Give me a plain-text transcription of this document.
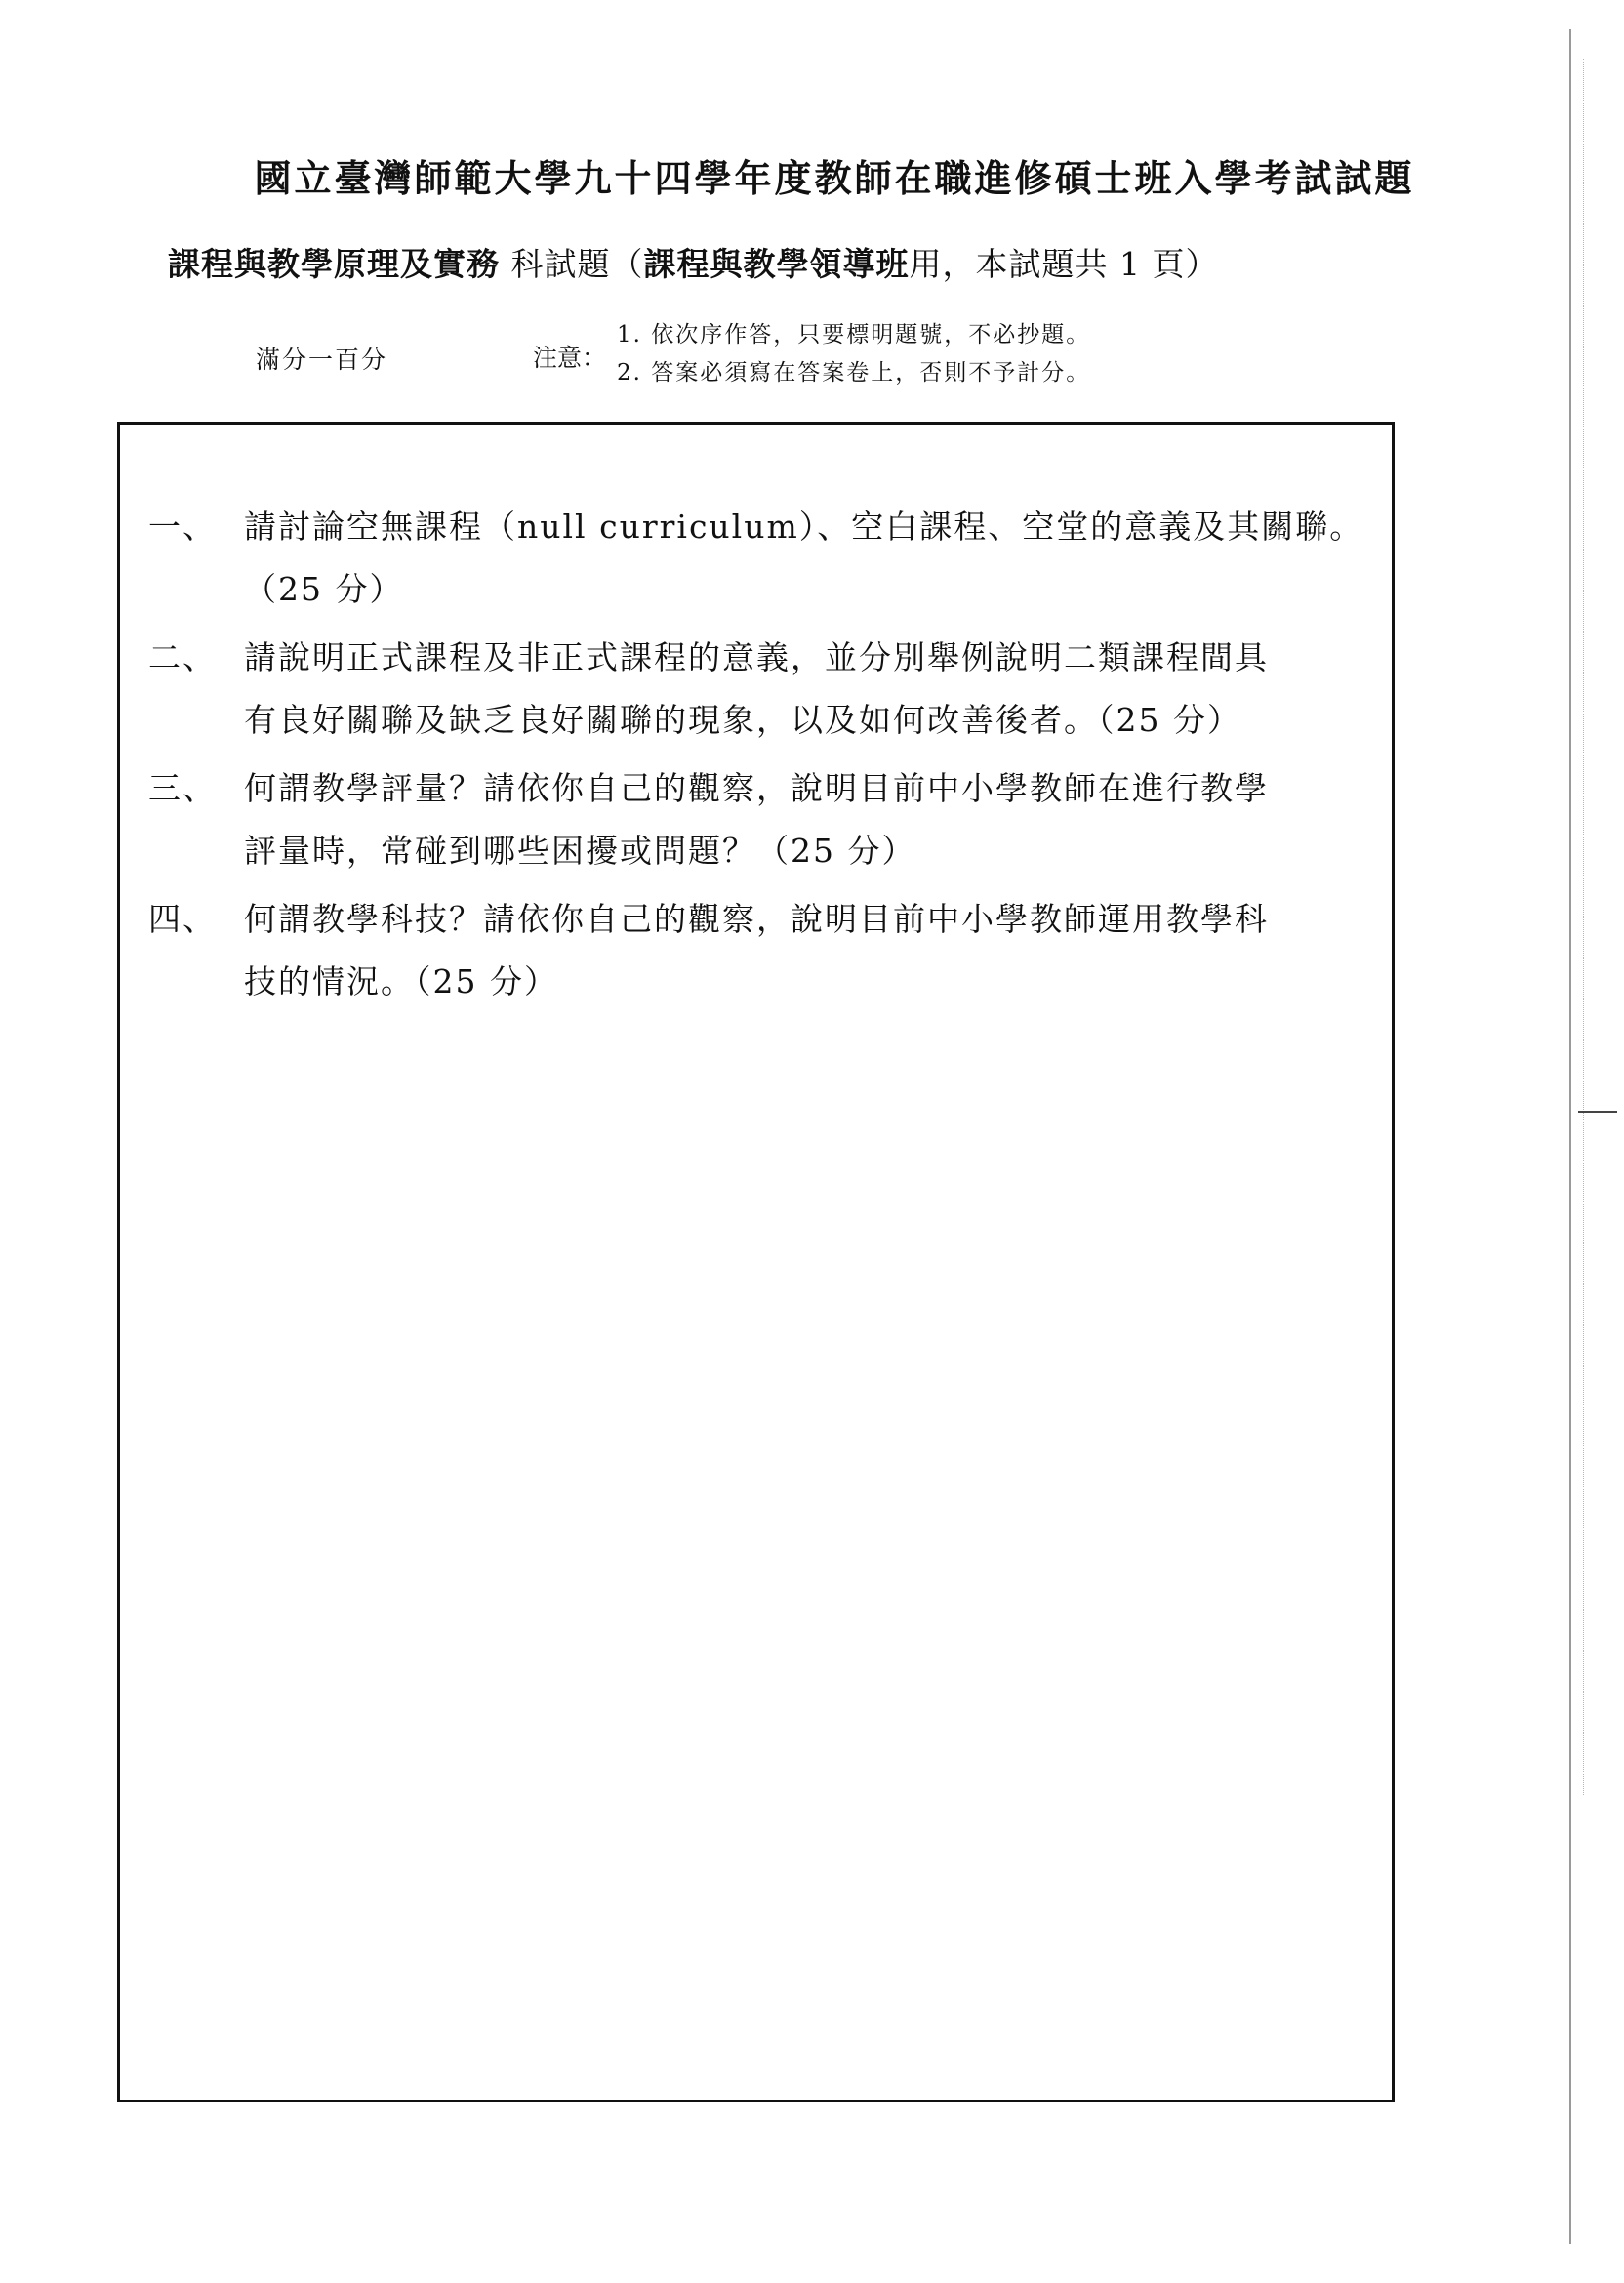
國立臺灣師範大學九十四學年度教師在職進修碩士班入學考試試題
課程與教學原理及實務 科試題（課程與教學領導班用，本試題共 1 頁）
滿分一百分	注意：
1. 依次序作答，只要標明題號，不必抄題。
2. 答案必須寫在答案卷上，否則不予計分。
一、 請討論空無課程（null curriculum）、空白課程、空堂的意義及其關聯。
（25 分）
二、 請說明正式課程及非正式課程的意義，並分別舉例說明二類課程間具
有良好關聯及缺乏良好關聯的現象，以及如何改善後者。（25 分）
三、 何謂教學評量？請依你自己的觀察，說明目前中小學教師在進行教學
評量時，常碰到哪些困擾或問題？（25 分）
四、 何謂教學科技？請依你自己的觀察，說明目前中小學教師運用教學科
技的情況。（25 分）
